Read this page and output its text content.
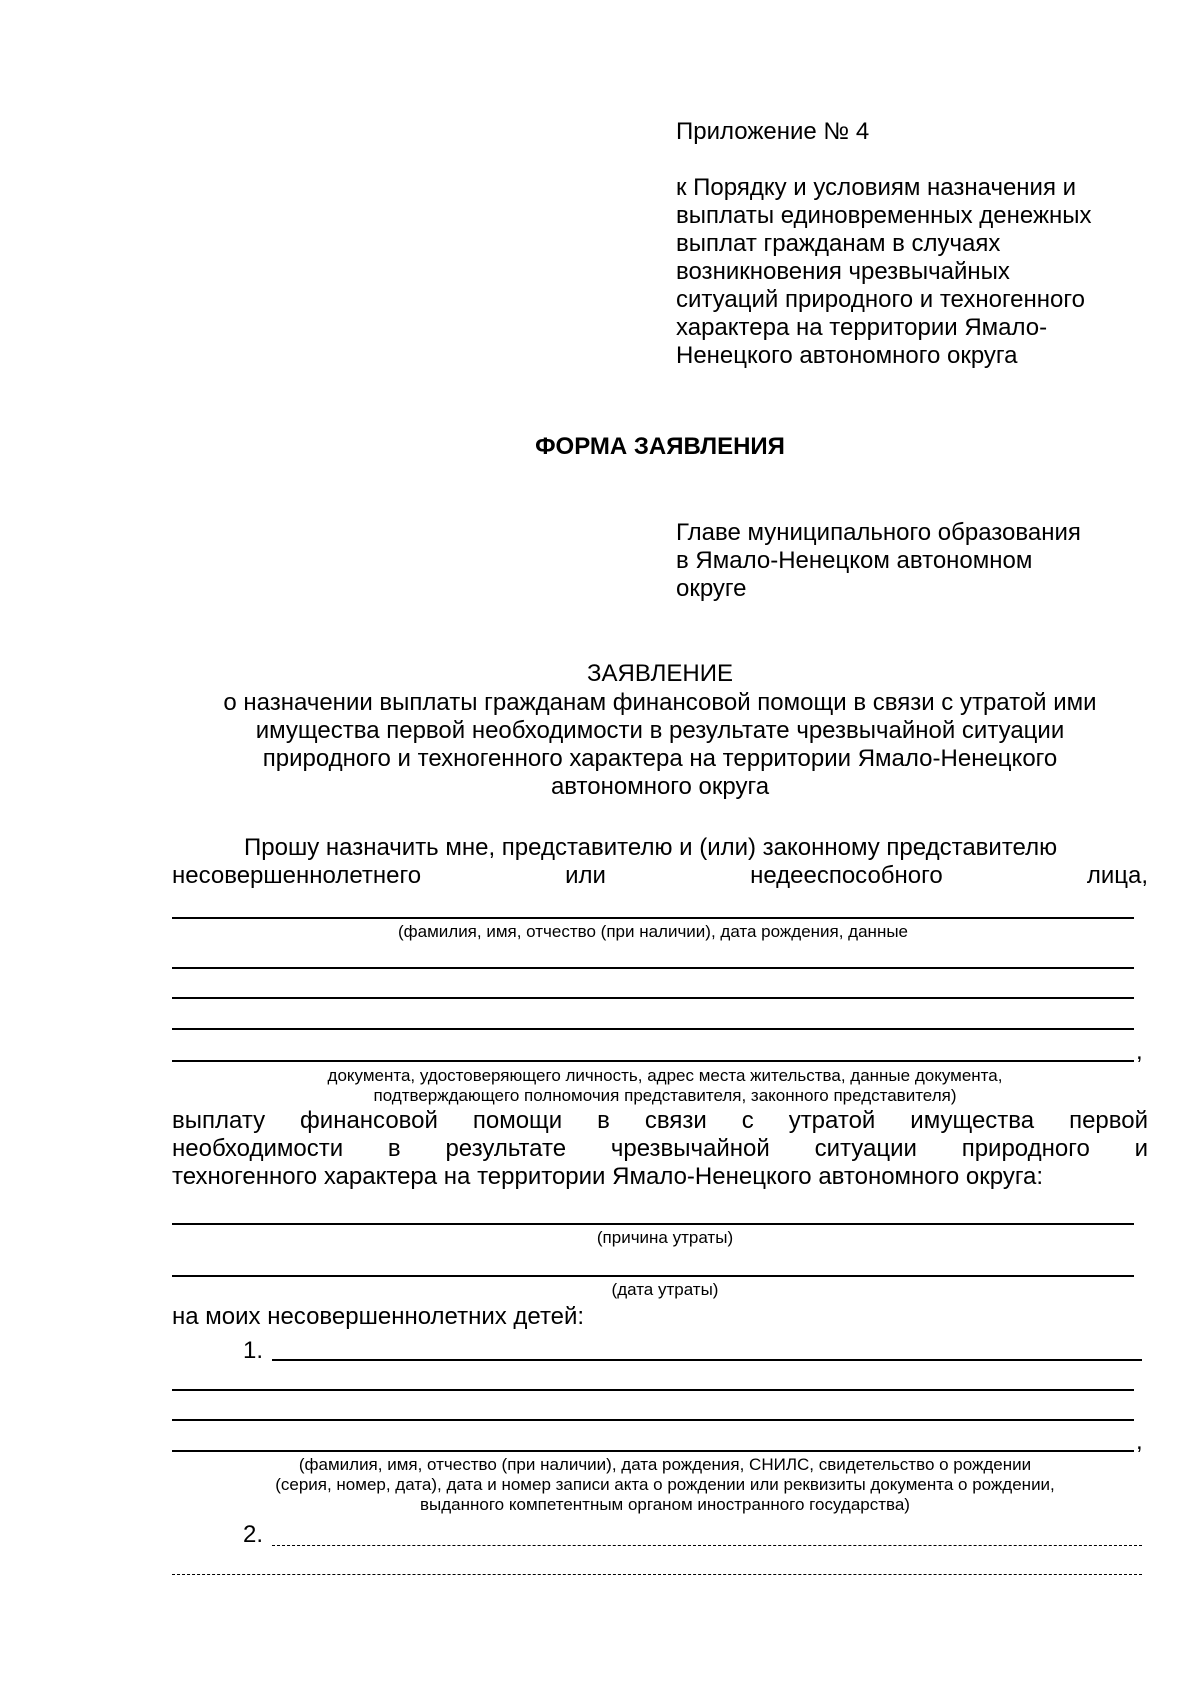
Приложение № 4
к Порядку и условиям назначения и
выплаты единовременных денежных
выплат гражданам в случаях
возникновения чрезвычайных
ситуаций природного и техногенного
характера на территории Ямало-
Ненецкого автономного округа
ФОРМА ЗАЯВЛЕНИЯ
Главе муниципального образования
в Ямало-Ненецком автономном
округе
ЗАЯВЛЕНИЕ
о назначении выплаты гражданам финансовой помощи в связи с утратой ими
имущества первой необходимости в результате чрезвычайной ситуации
природного и техногенного характера на территории Ямало-Ненецкого
автономного округа
Прошу назначить мне, представителю и (или) законному представителю
несовершеннолетнего или недееспособного лица,
(фамилия, имя, отчество (при наличии), дата рождения, данные
,
документа, удостоверяющего личность, адрес места жительства, данные документа,
подтверждающего полномочия представителя, законного представителя)
выплату финансовой помощи в связи с утратой имущества первой
необходимости в результате чрезвычайной ситуации природного и
техногенного характера на территории Ямало-Ненецкого автономного округа:
(причина утраты)
(дата утраты)
на моих несовершеннолетних детей:
1.
,
(фамилия, имя, отчество (при наличии), дата рождения, СНИЛС, свидетельство о рождении
(серия, номер, дата), дата и номер записи акта о рождении или реквизиты документа о рождении,
выданного компетентным органом иностранного государства)
2.
